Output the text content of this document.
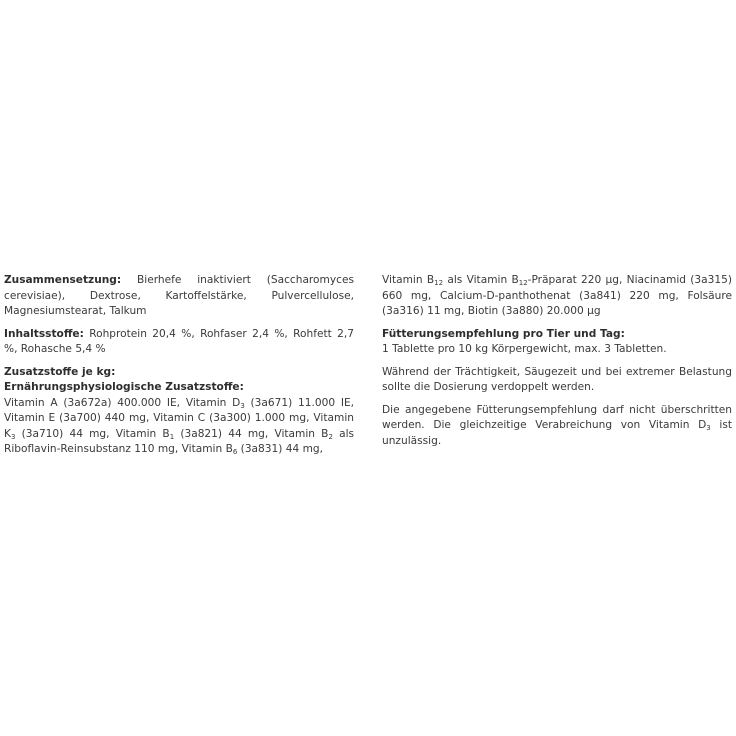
Zusammensetzung: Bierhefe inaktiviert (Saccharomyces cerevisiae), Dextrose, Kartoffelstärke, Pulvercellulose, Magnesiumstearat, Talkum

Inhaltsstoffe: Rohprotein 20,4 %, Rohfaser 2,4 %, Rohfett 2,7 %, Rohasche 5,4 %

Zusatzstoffe je kg:

Ernährungsphysiologische Zusatzstoffe:

Vitamin A (3a672a) 400.000 IE, Vitamin $D_3$ (3a671) 11.000 IE, Vitamin E (3a700) 440 mg, Vitamin C (3a300) 1.000 mg, Vitamin $K_3$ (3a710) 44 mg, Vitamin $B_1$ (3a821) 44 mg, Vitamin $B_2$ als Riboflavin-Reinsubstanz 110 mg, Vitamin $B_6$ (3a831) 44 mg,

Vitamin $B_{12}$ als Vitamin $B_{12}$-Präparat 220 µg, Niacinamid (3a315) 660 mg, Calcium-D-panthothenat (3a841) 220 mg, Folsäure (3a316) 11 mg, Biotin (3a880) 20.000 µg

Fütterungsempfehlung pro Tier und Tag:

1 Tablette pro 10 kg Körpergewicht, max. 3 Tabletten.

Während der Trächtigkeit, Säugezeit und bei extremer Belastung sollte die Dosierung verdoppelt werden.

Die angegebene Fütterungsempfehlung darf nicht überschritten werden. Die gleichzeitige Verabreichung von Vitamin $D_3$ ist unzulässig.
